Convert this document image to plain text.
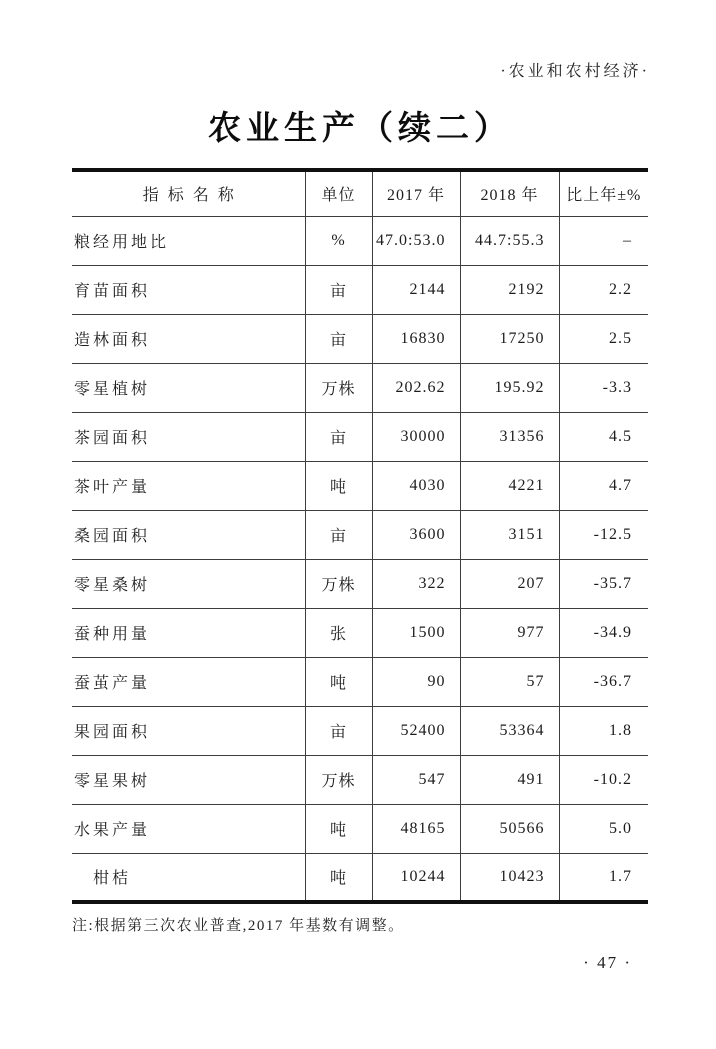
·农业和农村经济·
农业生产（续二）
指标名称	单位	2017 年	2018 年	比上年±%
粮经用地比	%	47.0:53.0	44.7:55.3	–
育苗面积	亩	2144	2192	2.2
造林面积	亩	16830	17250	2.5
零星植树	万株	202.62	195.92	-3.3
茶园面积	亩	30000	31356	4.5
茶叶产量	吨	4030	4221	4.7
桑园面积	亩	3600	3151	-12.5
零星桑树	万株	322	207	-35.7
蚕种用量	张	1500	977	-34.9
蚕茧产量	吨	90	57	-36.7
果园面积	亩	52400	53364	1.8
零星果树	万株	547	491	-10.2
水果产量	吨	48165	50566	5.0
柑桔	吨	10244	10423	1.7
注:根据第三次农业普查,2017 年基数有调整。
· 47 ·
